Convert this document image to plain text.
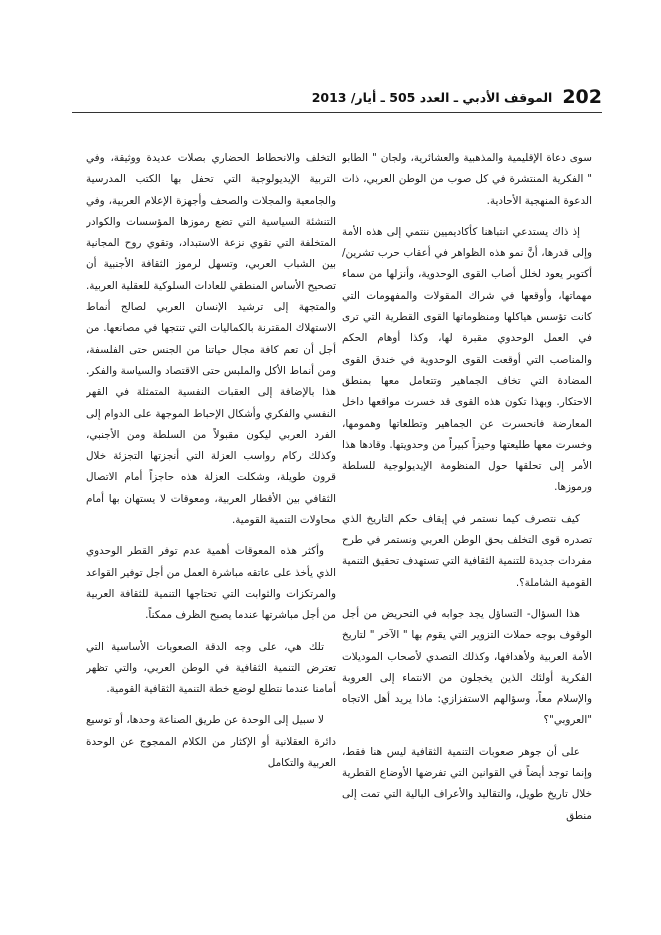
202
الموقف الأدبي ـ العدد 505 ـ أيار/ 2013

سوى دعاة الإقليمية والمذهبية والعشائرية، ولجان " الطابو " الفكرية المنتشرة في كل صوب من الوطن العربي، ذات الدعوة المنهجية الأحادية.

إذ ذاك يستدعي انتباهنا كأكاديميين ننتمي إلى هذه الأمة وإلى قدرها، أنَّ نمو هذه الظواهر في أعقاب حرب تشرين/ أكتوبر يعود لخلل أصاب القوى الوحدوية، وأنزلها من سماء مهماتها، وأوقعها في شراك المقولات والمفهومات التي كانت تؤسس هياكلها ومنظوماتها القوى القطرية التي ترى في العمل الوحدوي مقبرة لها، وكذا أوهام الحكم والمناصب التي أوقعت القوى الوحدوية في خندق القوى المضادة التي تخاف الجماهير وتتعامل معها بمنطق الاحتكار. وبهذا تكون هذه القوى قد خسرت مواقعها داخل المعارضة فانحسرت عن الجماهير وتطلعاتها وهمومها، وخسرت معها طليعتها وحيزاً كبيراً من وحدويتها. وقادها هذا الأمر إلى تحلقها حول المنظومة الإيديولوجية للسلطة ورموزها.

كيف نتصرف كيما نستمر في إيقاف حكم التاريخ الذي تصدره قوى التخلف بحق الوطن العربي ونستمر في طرح مفردات جديدة للتنمية الثقافية التي تستهدف تحقيق التنمية القومية الشاملة؟.

هذا السؤال- التساؤل يجد جوابه في التحريض من أجل الوقوف بوجه حملات التزوير التي يقوم بها " الآخر " لتاريخ الأمة العربية ولأهدافها، وكذلك التصدي لأصحاب الموديلات الفكرية أولئك الذين يخجلون من الانتماء إلى العروبة والإسلام معاً، وسؤالهم الاستفزازي: ماذا يريد أهل الاتجاه "العروبي"؟

على أن جوهر صعوبات التنمية الثقافية ليس هنا فقط، وإنما توجد أيضاً في القوانين التي تفرضها الأوضاع القطرية خلال تاريخ طويل، والتقاليد والأعراف البالية التي تمت إلى منطق

التخلف والانحطاط الحضاري بصلات عديدة ووثيقة، وفي التربية الإيديولوجية التي تحفل بها الكتب المدرسية والجامعية والمجلات والصحف وأجهزة الإعلام العربية، وفي التنشئة السياسية التي تضع رموزها المؤسسات والكوادر المتخلفة التي تقوي نزعة الاستبداد، وتقوي روح المجانية بين الشباب العربي، وتسهل لرموز الثقافة الأجنبية أن تصحيح الأساس المنطقي للعادات السلوكية للعقلية العربية. والمتجهة إلى ترشيد الإنسان العربي لصالح أنماط الاستهلاك المقترنة بالكماليات التي تنتجها في مصانعها. من أجل أن تعم كافة مجال حياتنا من الجنس حتى الفلسفة، ومن أنماط الأكل والملبس حتى الاقتصاد والسياسة والفكر. هذا بالإضافة إلى العقبات النفسية المتمثلة في القهر النفسي والفكري وأشكال الإحباط الموجهة على الدوام إلى الفرد العربي ليكون مقبولاً من السلطة ومن الأجنبي، وكذلك ركام رواسب العزلة التي أنجزتها التجزئة خلال قرون طويلة، وشكلت العزلة هذه حاجزاً أمام الاتصال الثقافي بين الأقطار العربية، ومعوقات لا يستهان بها أمام محاولات التنمية القومية.

وأكثر هذه المعوقات أهمية عدم توفر القطر الوحدوي الذي يأخذ على عاتقه مباشرة العمل من أجل توفير القواعد والمرتكزات والثوابت التي تحتاجها التنمية للثقافة العربية من أجل مباشرتها عندما يصبح الظرف ممكناً.

تلك هي، على وجه الدقة الصعوبات الأساسية التي تعترض التنمية الثقافية في الوطن العربي، والتي تظهر أمامنا عندما نتطلع لوضع خطة التنمية الثقافية القومية.

لا سبيل إلى الوحدة عن طريق الصناعة وحدها، أو توسيع دائرة العقلانية أو الإكثار من الكلام الممجوج عن الوحدة العربية والتكامل
